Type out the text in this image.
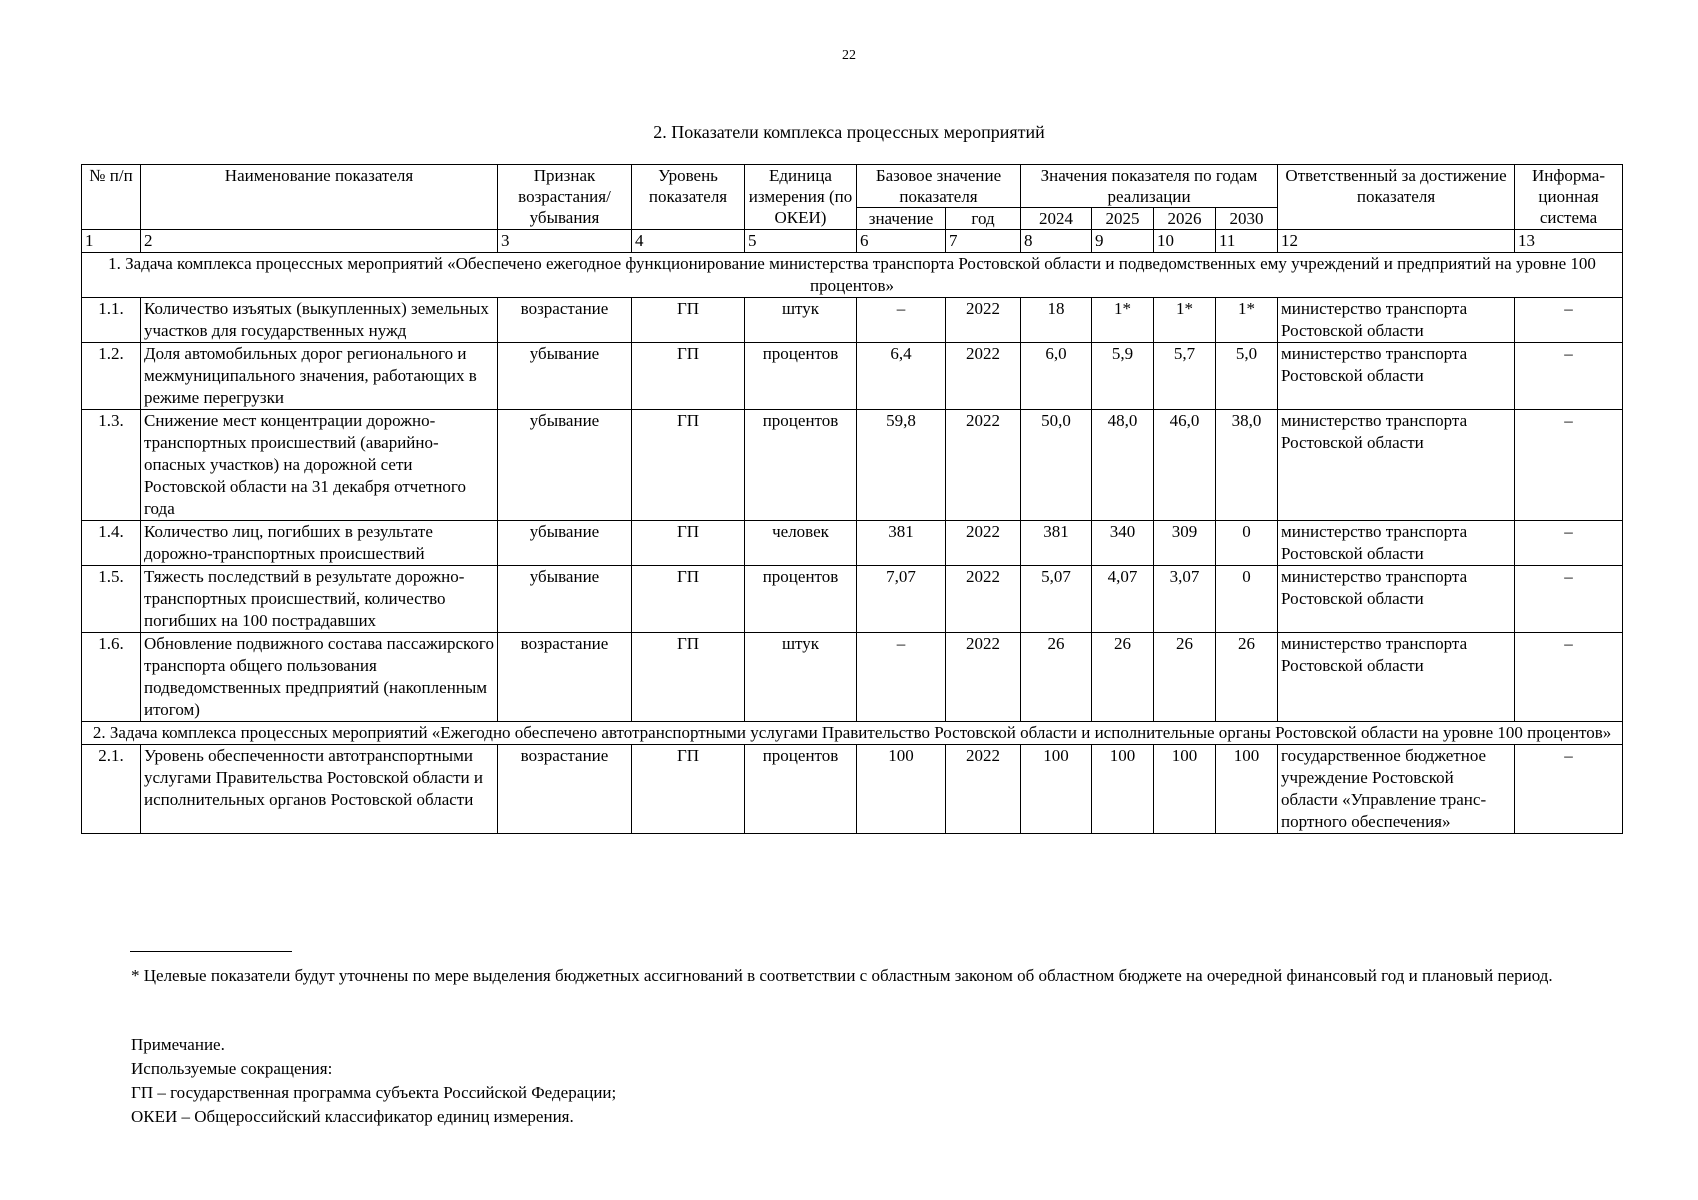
22
2. Показатели комплекса процессных мероприятий
№ п/п	Наименование показателя	Признак возрастания/ убывания	Уровень показателя	Единица измерения (по ОКЕИ)	Базовое значение показателя		Значения показателя по годам реализации				Ответственный за достижение показателя	Информа- ционная система
					значение	год	2024	2025	2026	2030		
1	2	3	4	5	6	7	8	9	10	11	12	13
1. Задача комплекса процессных мероприятий «Обеспечено ежегодное функционирование министерства транспорта Ростовской области и подведомственных ему учреждений и предприятий на уровне 100 процентов»												
1.1.	Количество изъятых (выкупленных) земельных участков для государственных нужд	возрастание	ГП	штук	–	2022	18	1*	1*	1*	министерство транспорта Ростовской области	–
1.2.	Доля автомобильных дорог регионального и межмуниципального значения, работающих в режиме перегрузки	убывание	ГП	процентов	6,4	2022	6,0	5,9	5,7	5,0	министерство транспорта Ростовской области	–
1.3.	Снижение мест концентрации дорожно-транспортных происшествий (аварийно-опасных участков) на дорожной сети Ростовской области на 31 декабря отчетного года	убывание	ГП	процентов	59,8	2022	50,0	48,0	46,0	38,0	министерство транспорта Ростовской области	–
1.4.	Количество лиц, погибших в результате дорожно-транспортных происшествий	убывание	ГП	человек	381	2022	381	340	309	0	министерство транспорта Ростовской области	–
1.5.	Тяжесть последствий в результате дорожно-транспортных происшествий, количество погибших на 100 пострадавших	убывание	ГП	процентов	7,07	2022	5,07	4,07	3,07	0	министерство транспорта Ростовской области	–
1.6.	Обновление подвижного состава пассажирского транспорта общего пользования подведомственных предприятий (накопленным итогом)	возрастание	ГП	штук	–	2022	26	26	26	26	министерство транспорта Ростовской области	–
2. Задача комплекса процессных мероприятий «Ежегодно обеспечено автотранспортными услугами Правительство Ростовской области и исполнительные органы Ростовской области на уровне 100 процентов»												
2.1.	Уровень обеспеченности автотранспортными услугами Правительства Ростовской области и исполнительных органов Ростовской области	возрастание	ГП	процентов	100	2022	100	100	100	100	государственное бюджетное учреждение Ростовской области «Управление транс- портного обеспечения»	–
* Целевые показатели будут уточнены по мере выделения бюджетных ассигнований в соответствии с областным законом об областном бюджете на очередной финансовый год и плановый период.
Примечание.
Используемые сокращения:
ГП – государственная программа субъекта Российской Федерации;
ОКЕИ – Общероссийский классификатор единиц измерения.
